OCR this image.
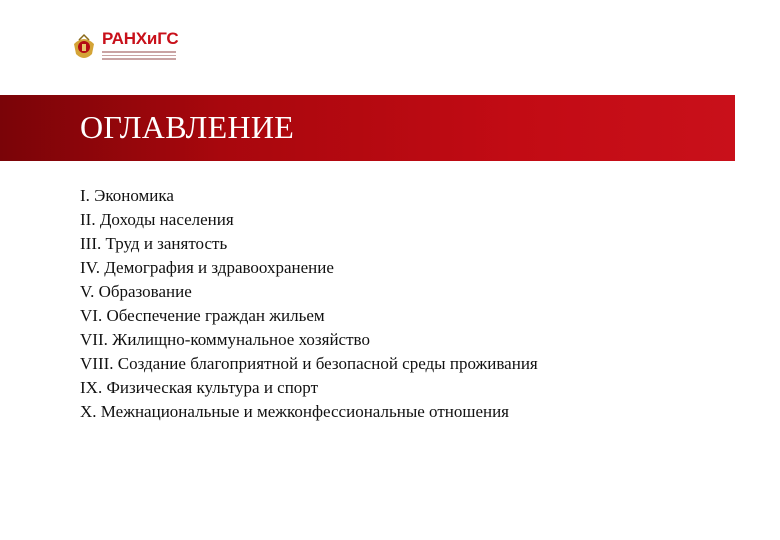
РАНХиГС
ОГЛАВЛЕНИЕ
I. Экономика
II. Доходы населения
III. Труд и занятость
IV. Демография и здравоохранение
V. Образование
VI. Обеспечение граждан жильем
VII. Жилищно-коммунальное хозяйство
VIII. Создание благоприятной и безопасной среды проживания
IX. Физическая культура и спорт
X. Межнациональные и межконфессиональные отношения
